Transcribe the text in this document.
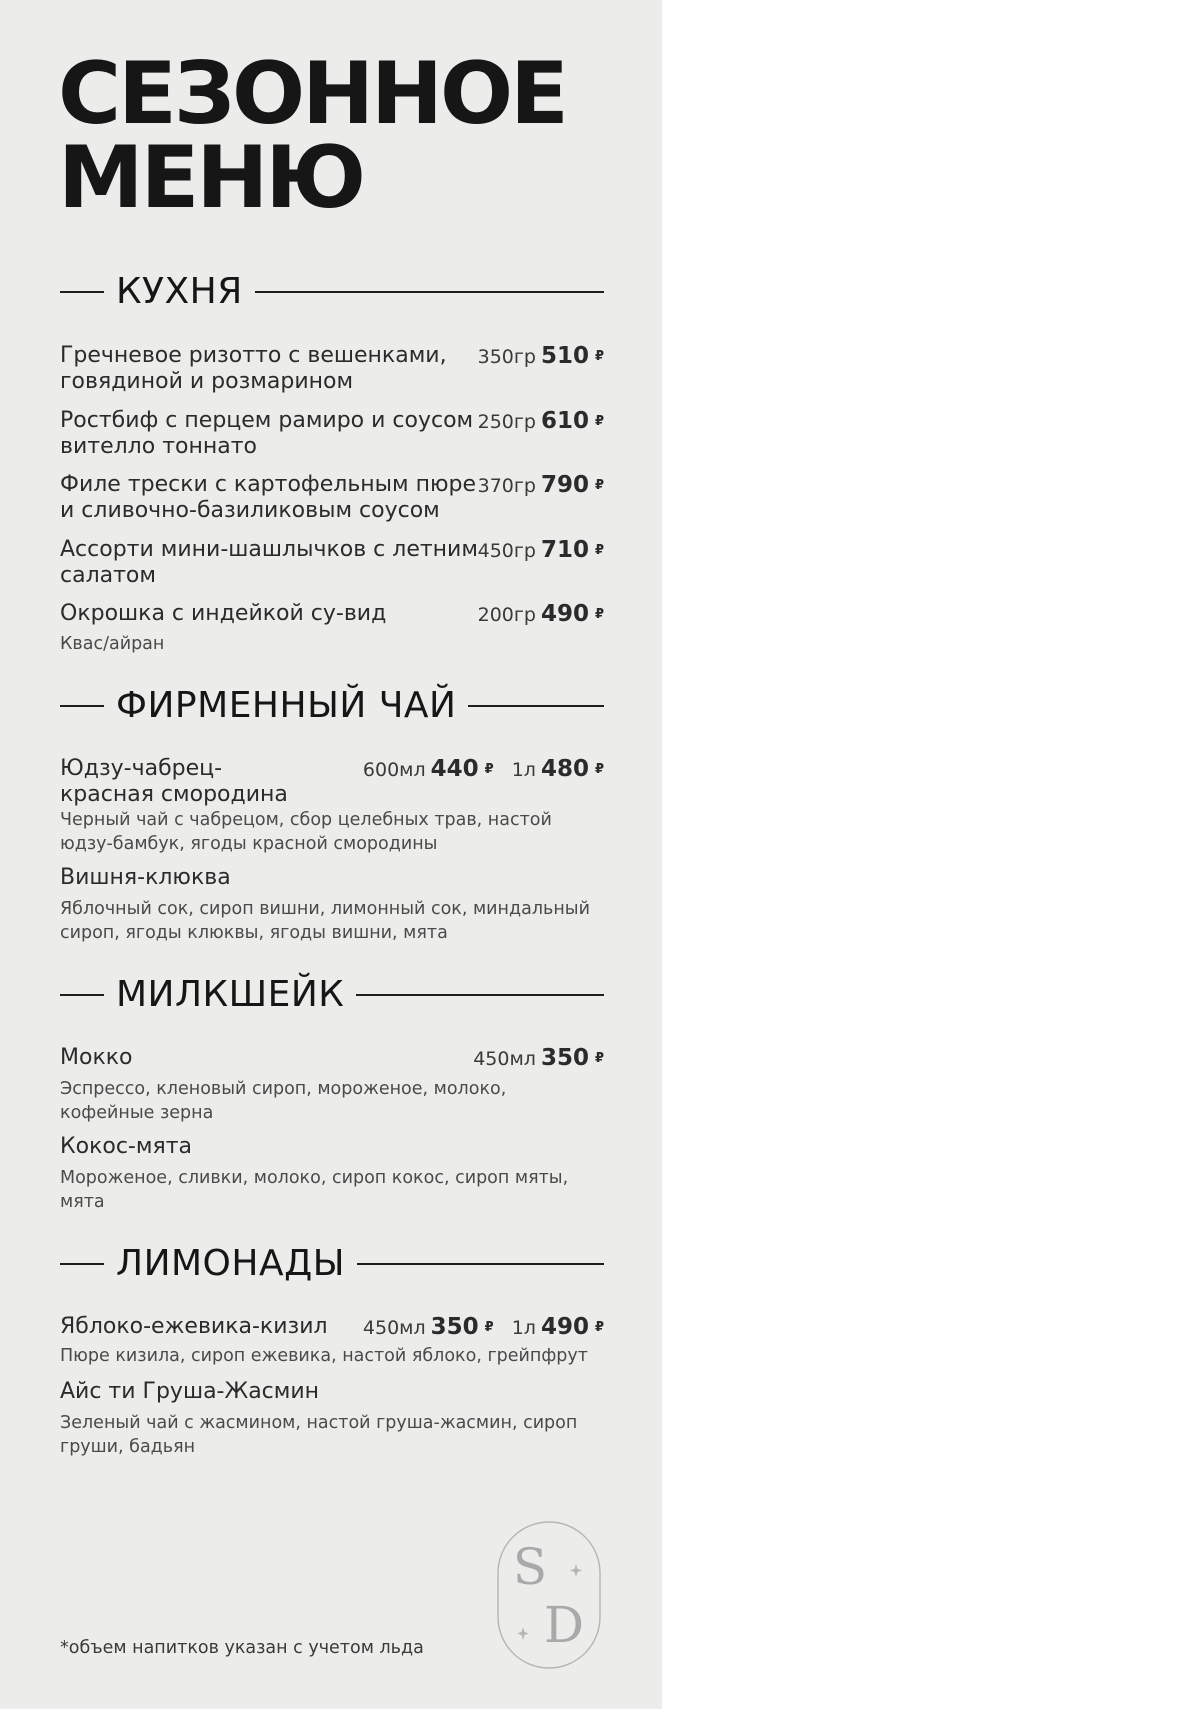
СЕЗОННОЕ
МЕНЮ
КУХНЯ
Гречневое ризотто с вешенками,
говядиной и розмарином
350гр 510 ₽
Ростбиф с перцем рамиро и соусом
вителло тоннато
250гр 610 ₽
Филе трески с картофельным пюре
и сливочно-базиликовым соусом
370гр 790 ₽
Ассорти мини-шашлычков с летним
салатом
450гр 710 ₽
Окрошка с индейкой су-вид
Квас/айран
200гр 490 ₽
ФИРМЕННЫЙ ЧАЙ
Юдзу-чабрец-
красная смородина
Черный чай с чабрецом, сбор целебных трав, настой
юдзу-бамбук, ягоды красной смородины
600мл 440 ₽ 1л 480 ₽
Вишня-клюква
Яблочный сок, сироп вишни, лимонный сок, миндальный
сироп, ягоды клюквы, ягоды вишни, мята
МИЛКШЕЙК
Мокко
Эспрессо, кленовый сироп, мороженое, молоко,
кофейные зерна
450мл 350 ₽
Кокос-мята
Мороженое, сливки, молоко, сироп кокос, сироп мяты,
мята
ЛИМОНАДЫ
Яблоко-ежевика-кизил
Пюре кизила, сироп ежевика, настой яблоко, грейпфрут
450мл 350 ₽ 1л 490 ₽
Айс ти Груша-Жасмин
Зеленый чай с жасмином, настой груша-жасмин, сироп
груши, бадьян
S
D
*объем напитков указан с учетом льда
